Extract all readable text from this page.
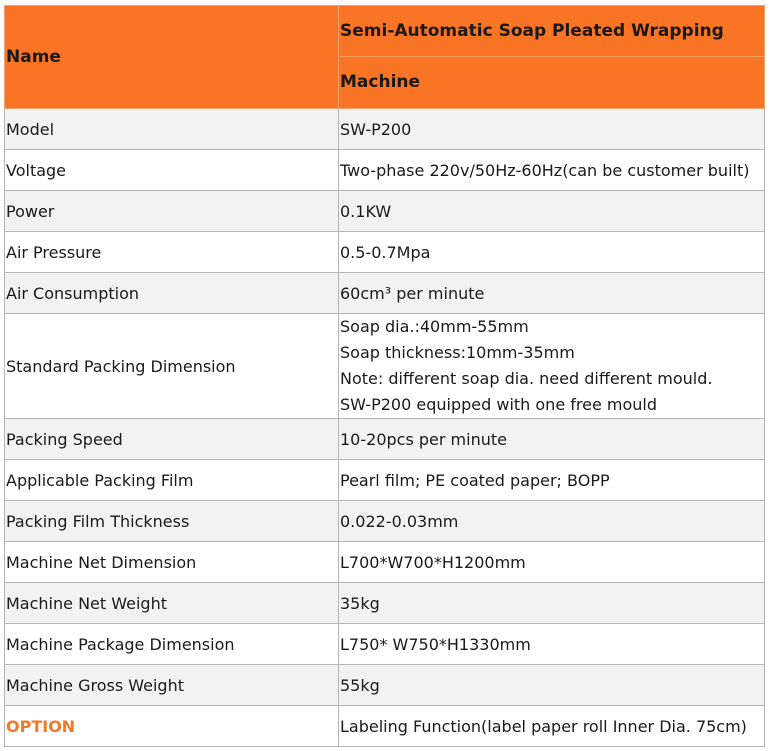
Name	Semi-Automatic Soap Pleated Wrapping
Machine

Model	SW-P200
Voltage	Two-phase 220v/50Hz-60Hz(can be customer built)
Power	0.1KW
Air Pressure	0.5-0.7Mpa
Air Consumption	60cm³ per minute
Standard Packing Dimension	Soap dia.:40mm-55mm
Soap thickness:10mm-35mm
Note: different soap dia. need different mould.
SW-P200 equipped with one free mould

Packing Speed	10-20pcs per minute
Applicable Packing Film	Pearl film; PE coated paper; BOPP
Packing Film Thickness	0.022-0.03mm
Machine Net Dimension	L700*W700*H1200mm
Machine Net Weight	35kg
Machine Package Dimension	L750* W750*H1330mm
Machine Gross Weight	55kg
OPTION	Labeling Function(label paper roll Inner Dia. 75cm)
